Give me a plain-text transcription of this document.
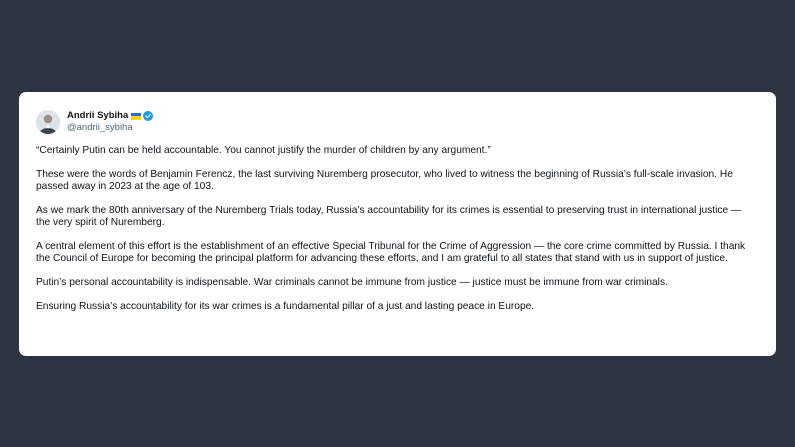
Andrii Sybiha
@andrii_sybiha

“Certainly Putin can be held accountable. You cannot justify the murder of children by any argument.”

These were the words of Benjamin Ferencz, the last surviving Nuremberg prosecutor, who lived to witness the beginning of Russia’s full-scale invasion. He passed away in 2023 at the age of 103.

As we mark the 80th anniversary of the Nuremberg Trials today, Russia’s accountability for its crimes is essential to preserving trust in international justice — the very spirit of Nuremberg.

A central element of this effort is the establishment of an effective Special Tribunal for the Crime of Aggression — the core crime committed by Russia. I thank the Council of Europe for becoming the principal platform for advancing these efforts, and I am grateful to all states that stand with us in support of justice.

Putin’s personal accountability is indispensable. War criminals cannot be immune from justice — justice must be immune from war criminals.

Ensuring Russia’s accountability for its war crimes is a fundamental pillar of a just and lasting peace in Europe.
